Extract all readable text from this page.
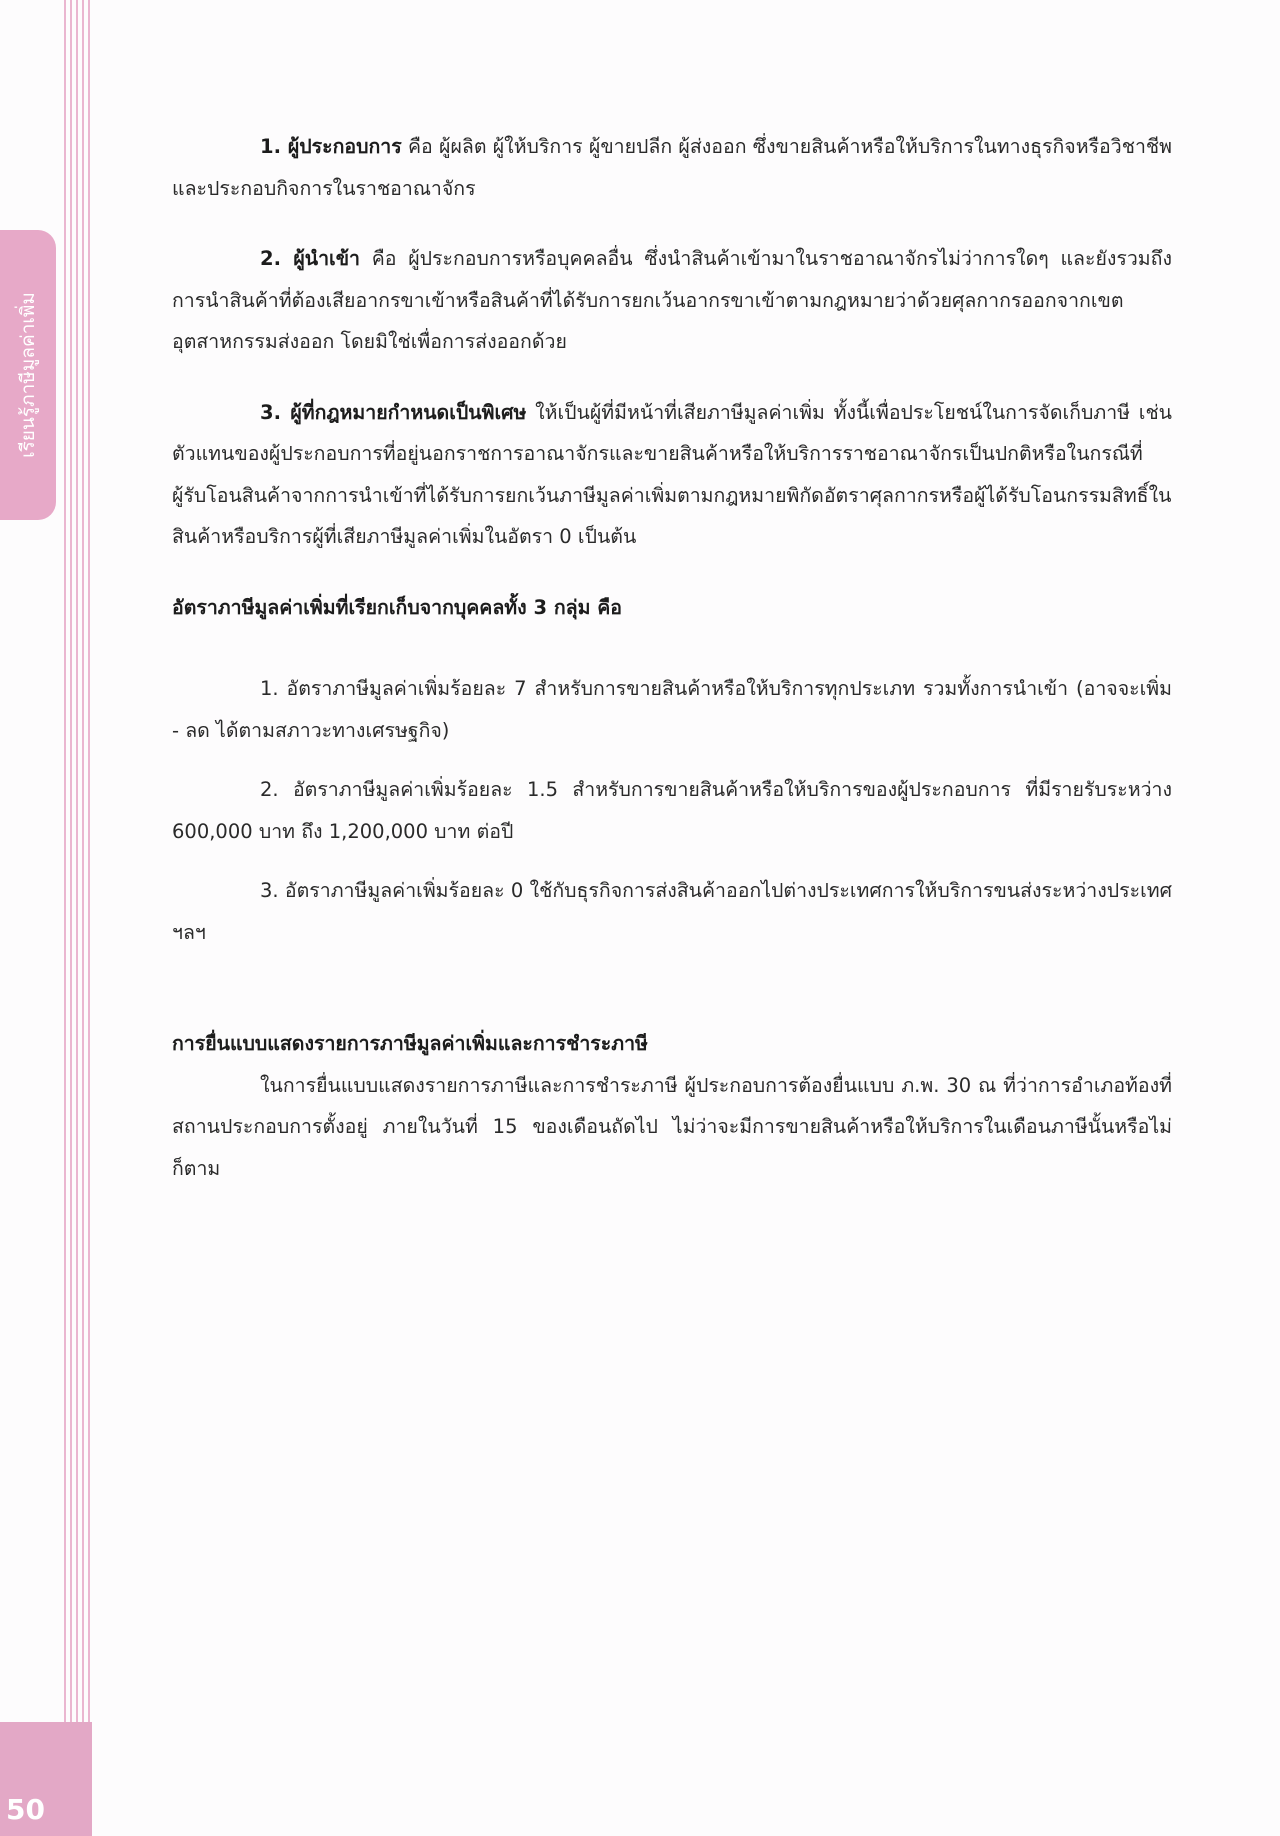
เรียนรู้ภาษีมูลค่าเพิ่ม
50

1. ผู้ประกอบการ คือ ผู้ผลิต ผู้ให้บริการ ผู้ขายปลีก ผู้ส่งออก ซึ่งขายสินค้าหรือให้บริการในทางธุรกิจหรือวิชาชีพและประกอบกิจการในราชอาณาจักร

2. ผู้นำเข้า คือ ผู้ประกอบการหรือบุคคลอื่น ซึ่งนำสินค้าเข้ามาในราชอาณาจักรไม่ว่าการใดๆ และยังรวมถึงการนำสินค้าที่ต้องเสียอากรขาเข้าหรือสินค้าที่ได้รับการยกเว้นอากรขาเข้าตามกฎหมายว่าด้วยศุลกากรออกจากเขตอุตสาหกรรมส่งออก โดยมิใช่เพื่อการส่งออกด้วย

3. ผู้ที่กฎหมายกำหนดเป็นพิเศษ ให้เป็นผู้ที่มีหน้าที่เสียภาษีมูลค่าเพิ่ม ทั้งนี้เพื่อประโยชน์ในการจัดเก็บภาษี เช่น ตัวแทนของผู้ประกอบการที่อยู่นอกราชการอาณาจักรและขายสินค้าหรือให้บริการราชอาณาจักรเป็นปกติหรือในกรณีที่ผู้รับโอนสินค้าจากการนำเข้าที่ได้รับการยกเว้นภาษีมูลค่าเพิ่มตามกฎหมายพิกัดอัตราศุลกากรหรือผู้ได้รับโอนกรรมสิทธิ์ในสินค้าหรือบริการผู้ที่เสียภาษีมูลค่าเพิ่มในอัตรา 0 เป็นต้น

อัตราภาษีมูลค่าเพิ่มที่เรียกเก็บจากบุคคลทั้ง 3 กลุ่ม คือ

1. อัตราภาษีมูลค่าเพิ่มร้อยละ 7 สำหรับการขายสินค้าหรือให้บริการทุกประเภท รวมทั้งการนำเข้า (อาจจะเพิ่ม - ลด ได้ตามสภาวะทางเศรษฐกิจ)

2. อัตราภาษีมูลค่าเพิ่มร้อยละ 1.5 สำหรับการขายสินค้าหรือให้บริการของผู้ประกอบการ ที่มีรายรับระหว่าง 600,000 บาท ถึง 1,200,000 บาท ต่อปี

3. อัตราภาษีมูลค่าเพิ่มร้อยละ 0 ใช้กับธุรกิจการส่งสินค้าออกไปต่างประเทศการให้บริการขนส่งระหว่างประเทศ ฯลฯ

การยื่นแบบแสดงรายการภาษีมูลค่าเพิ่มและการชำระภาษี

ในการยื่นแบบแสดงรายการภาษีและการชำระภาษี ผู้ประกอบการต้องยื่นแบบ ภ.พ. 30 ณ ที่ว่าการอำเภอท้องที่สถานประกอบการตั้งอยู่ ภายในวันที่ 15 ของเดือนถัดไป ไม่ว่าจะมีการขายสินค้าหรือให้บริการในเดือนภาษีนั้นหรือไม่ก็ตาม
